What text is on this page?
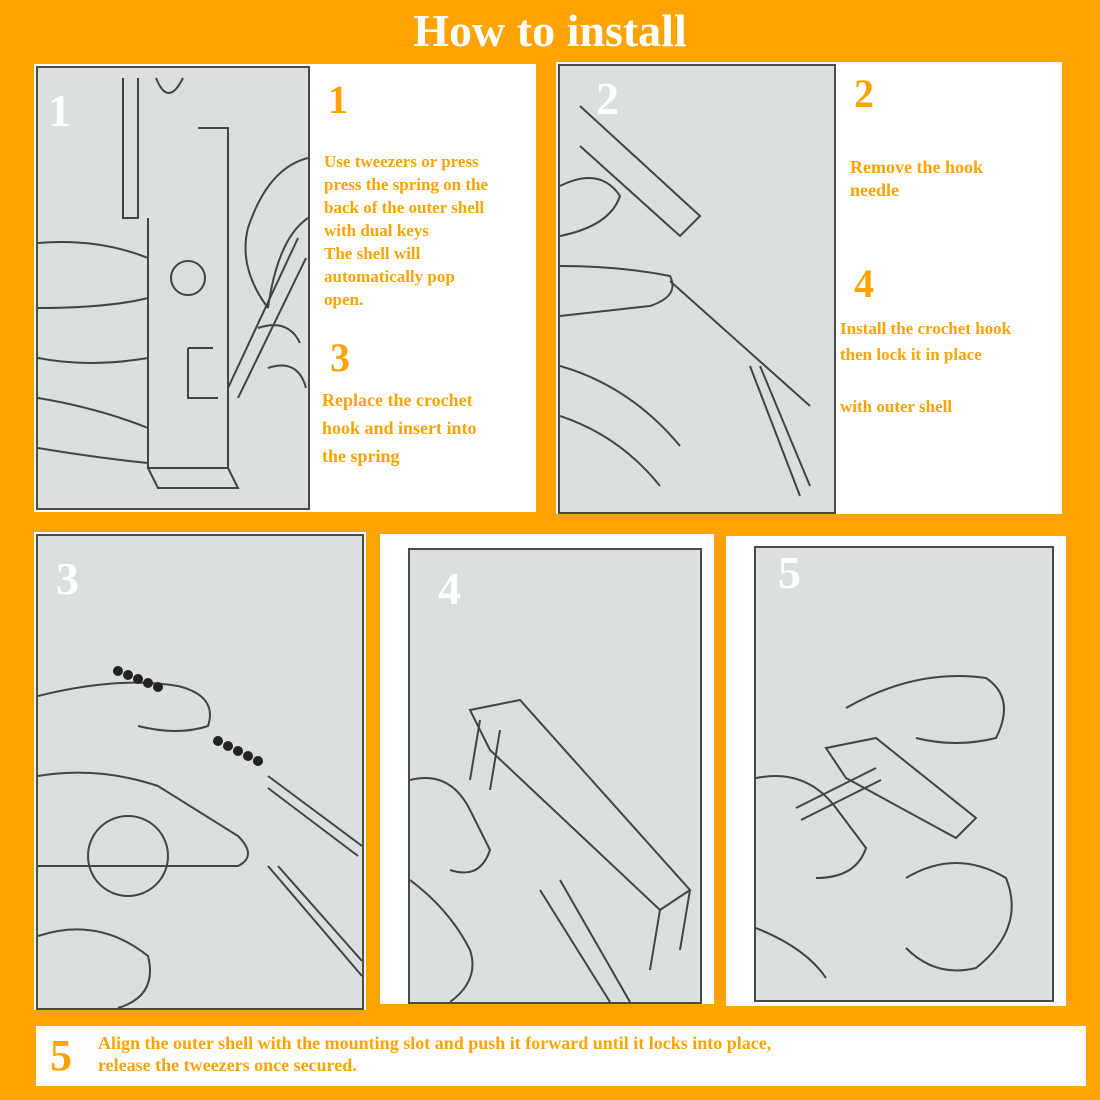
How to install
1	1
Use tweezers or press
press the spring on the
back of the outer shell
with dual keys
The shell will
automatically pop
open.
3
Replace the crochet
hook and insert into
the spring
2	2
Remove the hook
needle
4
Install the crochet hook
then lock it in place

with outer shell
3	4	5
5 Align the outer shell with the mounting slot and push it forward until it locks into place,
release the tweezers once secured.
